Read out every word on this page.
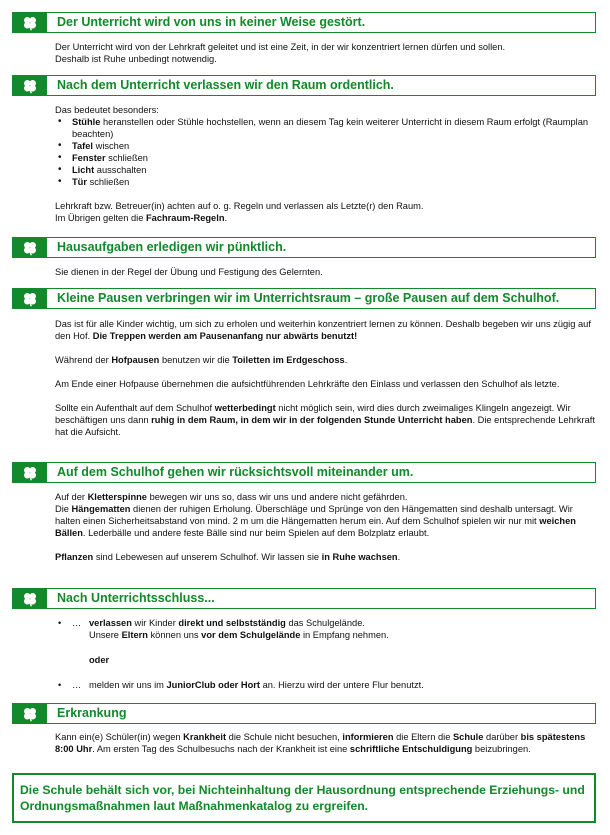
Der Unterricht wird von uns in keiner Weise gestört.

Der Unterricht wird von der Lehrkraft geleitet und ist eine Zeit, in der wir konzentriert lernen dürfen und sollen.

Deshalb ist Ruhe unbedingt notwendig.

Nach dem Unterricht verlassen wir den Raum ordentlich.

Das bedeutet besonders:

• Stühle heranstellen oder Stühle hochstellen, wenn an diesem Tag kein weiterer Unterricht in diesem Raum erfolgt (Raumplan beachten)
• Tafel wischen
• Fenster schließen
• Licht ausschalten
• Tür schließen

Lehrkraft bzw. Betreuer(in) achten auf o. g. Regeln und verlassen als Letzte(r) den Raum.

Im Übrigen gelten die Fachraum-Regeln.

Hausaufgaben erledigen wir pünktlich.

Sie dienen in der Regel der Übung und Festigung des Gelernten.

Kleine Pausen verbringen wir im Unterrichtsraum – große Pausen auf dem Schulhof.

Das ist für alle Kinder wichtig, um sich zu erholen und weiterhin konzentriert lernen zu können. Deshalb begeben wir uns zügig auf den Hof. Die Treppen werden am Pausenanfang nur abwärts benutzt!

Während der Hofpausen benutzen wir die Toiletten im Erdgeschoss.

Am Ende einer Hofpause übernehmen die aufsichtführenden Lehrkräfte den Einlass und verlassen den Schulhof als letzte.

Sollte ein Aufenthalt auf dem Schulhof wetterbedingt nicht möglich sein, wird dies durch zweimaliges Klingeln angezeigt. Wir beschäftigen uns dann ruhig in dem Raum, in dem wir in der folgenden Stunde Unterricht haben. Die entsprechende Lehrkraft hat die Aufsicht.

Auf dem Schulhof gehen wir rücksichtsvoll miteinander um.

Auf der Kletterspinne bewegen wir uns so, dass wir uns und andere nicht gefährden.

Die Hängematten dienen der ruhigen Erholung. Überschläge und Sprünge von den Hängematten sind deshalb untersagt. Wir halten einen Sicherheitsabstand von mind. 2 m um die Hängematten herum ein. Auf dem Schulhof spielen wir nur mit weichen Bällen. Lederbälle und andere feste Bälle sind nur beim Spielen auf dem Bolzplatz erlaubt.

Pflanzen sind Lebewesen auf unserem Schulhof. Wir lassen sie in Ruhe wachsen.

Nach Unterrichtsschluss...
• … verlassen wir Kinder direkt und selbstständig das Schulgelände.

Unsere Eltern können uns vor dem Schulgelände in Empfang nehmen.

oder
• … melden wir uns im JuniorClub oder Hort an. Hierzu wird der untere Flur benutzt.

Erkrankung

Kann ein(e) Schüler(in) wegen Krankheit die Schule nicht besuchen, informieren die Eltern die Schule darüber bis spätestens 8:00 Uhr. Am ersten Tag des Schulbesuchs nach der Krankheit ist eine schriftliche Entschuldigung beizubringen.

Die Schule behält sich vor, bei Nichteinhaltung der Hausordnung entsprechende Erziehungs- und Ordnungsmaßnahmen laut Maßnahmenkatalog zu ergreifen.
